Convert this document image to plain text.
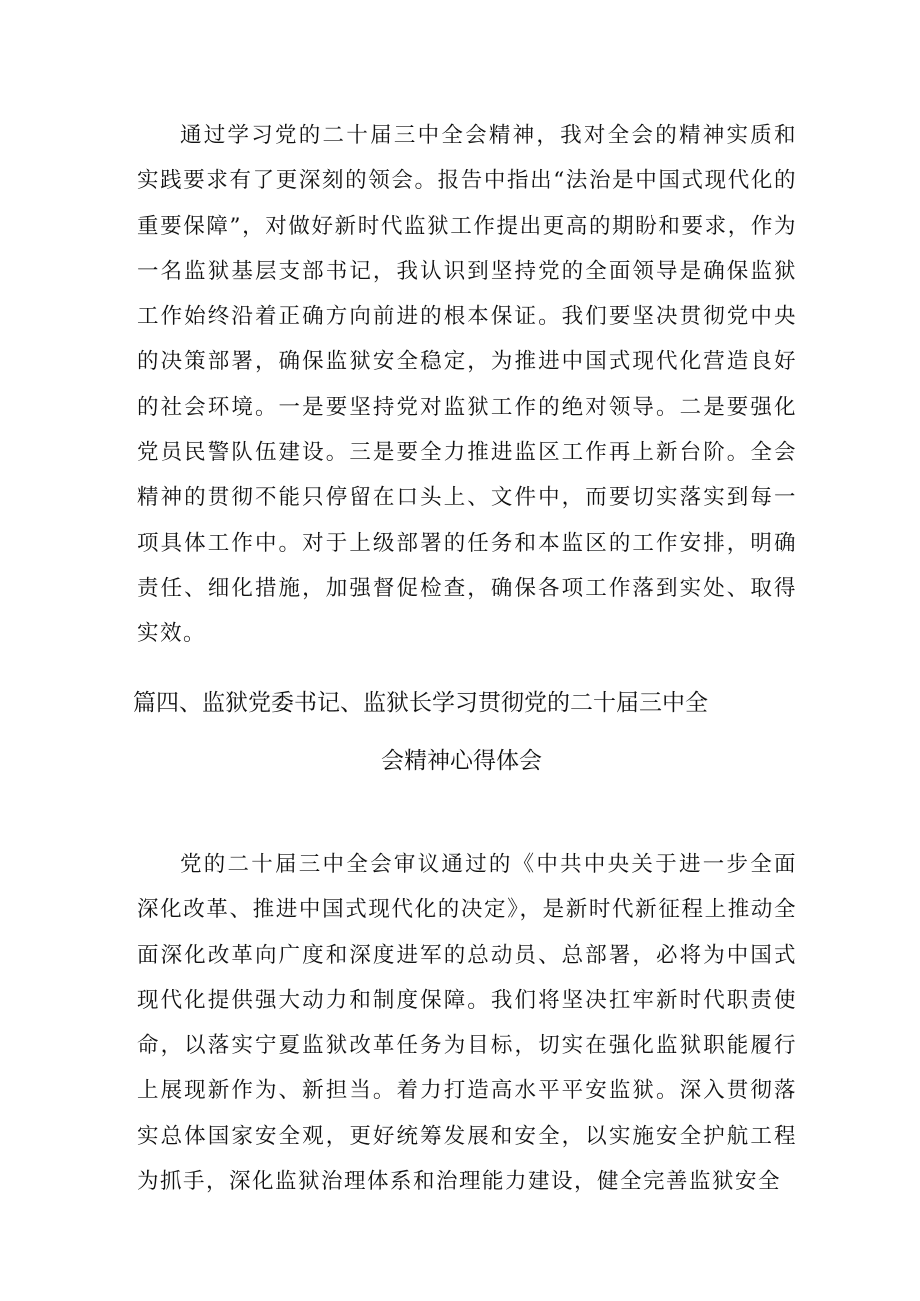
通过学习党的二十届三中全会精神，我对全会的精神实质和实践要求有了更深刻的领会。报告中指出“法治是中国式现代化的重要保障”，对做好新时代监狱工作提出更高的期盼和要求，作为一名监狱基层支部书记，我认识到坚持党的全面领导是确保监狱工作始终沿着正确方向前进的根本保证。我们要坚决贯彻党中央的决策部署，确保监狱安全稳定，为推进中国式现代化营造良好的社会环境。一是要坚持党对监狱工作的绝对领导。二是要强化党员民警队伍建设。三是要全力推进监区工作再上新台阶。全会精神的贯彻不能只停留在口头上、文件中，而要切实落实到每一项具体工作中。对于上级部署的任务和本监区的工作安排，明确责任、细化措施，加强督促检查，确保各项工作落到实处、取得实效。

篇四、监狱党委书记、监狱长学习贯彻党的二十届三中全
会精神心得体会

党的二十届三中全会审议通过的《中共中央关于进一步全面深化改革、推进中国式现代化的决定》，是新时代新征程上推动全面深化改革向广度和深度进军的总动员、总部署，必将为中国式现代化提供强大动力和制度保障。我们将坚决扛牢新时代职责使命，以落实宁夏监狱改革任务为目标，切实在强化监狱职能履行上展现新作为、新担当。着力打造高水平平安监狱。深入贯彻落实总体国家安全观，更好统筹发展和安全，以实施安全护航工程为抓手，深化监狱治理体系和治理能力建设，健全完善监狱安全
